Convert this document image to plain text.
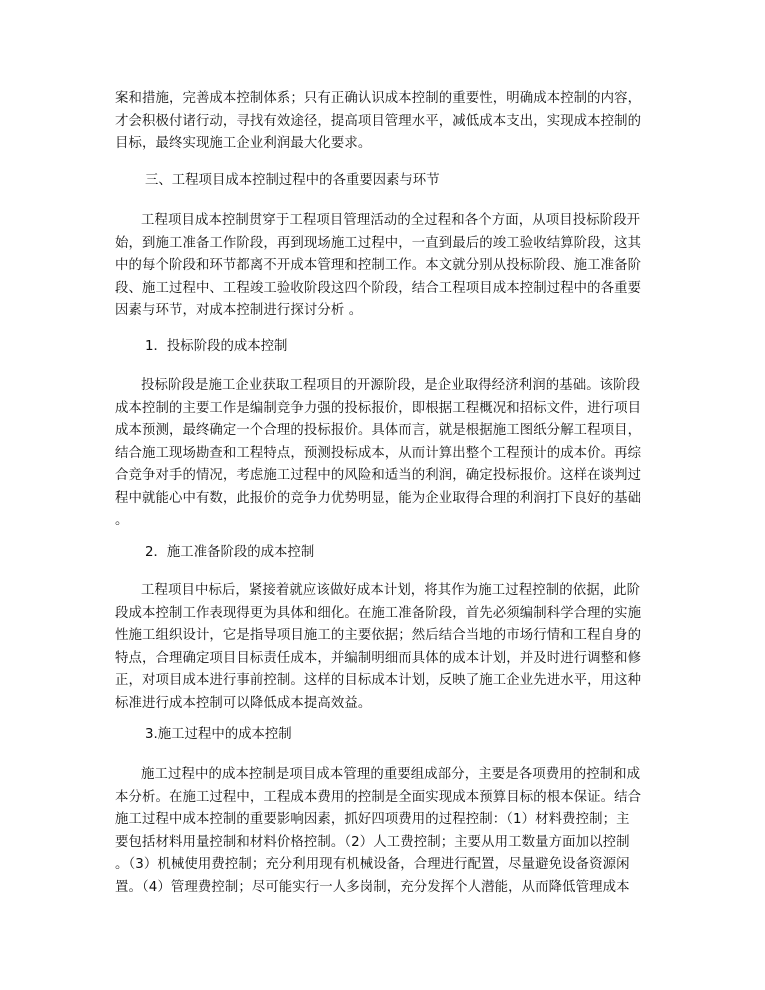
案和措施，完善成本控制体系；只有正确认识成本控制的重要性，明确成本控制的内容，
才会积极付诸行动，寻找有效途径，提高项目管理水平，减低成本支出，实现成本控制的
目标，最终实现施工企业利润最大化要求。

三、工程项目成本控制过程中的各重要因素与环节

工程项目成本控制贯穿于工程项目管理活动的全过程和各个方面，从项目投标阶段开
始，到施工准备工作阶段，再到现场施工过程中，一直到最后的竣工验收结算阶段，这其
中的每个阶段和环节都离不开成本管理和控制工作。本文就分别从投标阶段、施工准备阶
段、施工过程中、工程竣工验收阶段这四个阶段，结合工程项目成本控制过程中的各重要
因素与环节，对成本控制进行探讨分析 。

1．投标阶段的成本控制

投标阶段是施工企业获取工程项目的开源阶段，是企业取得经济利润的基础。该阶段
成本控制的主要工作是编制竞争力强的投标报价，即根据工程概况和招标文件，进行项目
成本预测，最终确定一个合理的投标报价。具体而言，就是根据施工图纸分解工程项目，
结合施工现场勘查和工程特点，预测投标成本，从而计算出整个工程预计的成本价。再综
合竞争对手的情况，考虑施工过程中的风险和适当的利润，确定投标报价。这样在谈判过
程中就能心中有数，此报价的竞争力优势明显，能为企业取得合理的利润打下良好的基础
。

2．施工准备阶段的成本控制

工程项目中标后，紧接着就应该做好成本计划，将其作为施工过程控制的依据，此阶
段成本控制工作表现得更为具体和细化。在施工准备阶段，首先必须编制科学合理的实施
性施工组织设计，它是指导项目施工的主要依据；然后结合当地的市场行情和工程自身的
特点，合理确定项目目标责任成本，并编制明细而具体的成本计划，并及时进行调整和修
正，对项目成本进行事前控制。这样的目标成本计划，反映了施工企业先进水平，用这种
标准进行成本控制可以降低成本提高效益。

3.施工过程中的成本控制

施工过程中的成本控制是项目成本管理的重要组成部分，主要是各项费用的控制和成
本分析。在施工过程中，工程成本费用的控制是全面实现成本预算目标的根本保证。结合
施工过程中成本控制的重要影响因素，抓好四项费用的过程控制：（1）材料费控制；主
要包括材料用量控制和材料价格控制。（2）人工费控制；主要从用工数量方面加以控制
。（3）机械使用费控制；充分利用现有机械设备，合理进行配置，尽量避免设备资源闲
置。（4）管理费控制；尽可能实行一人多岗制，充分发挥个人潜能，从而降低管理成本
